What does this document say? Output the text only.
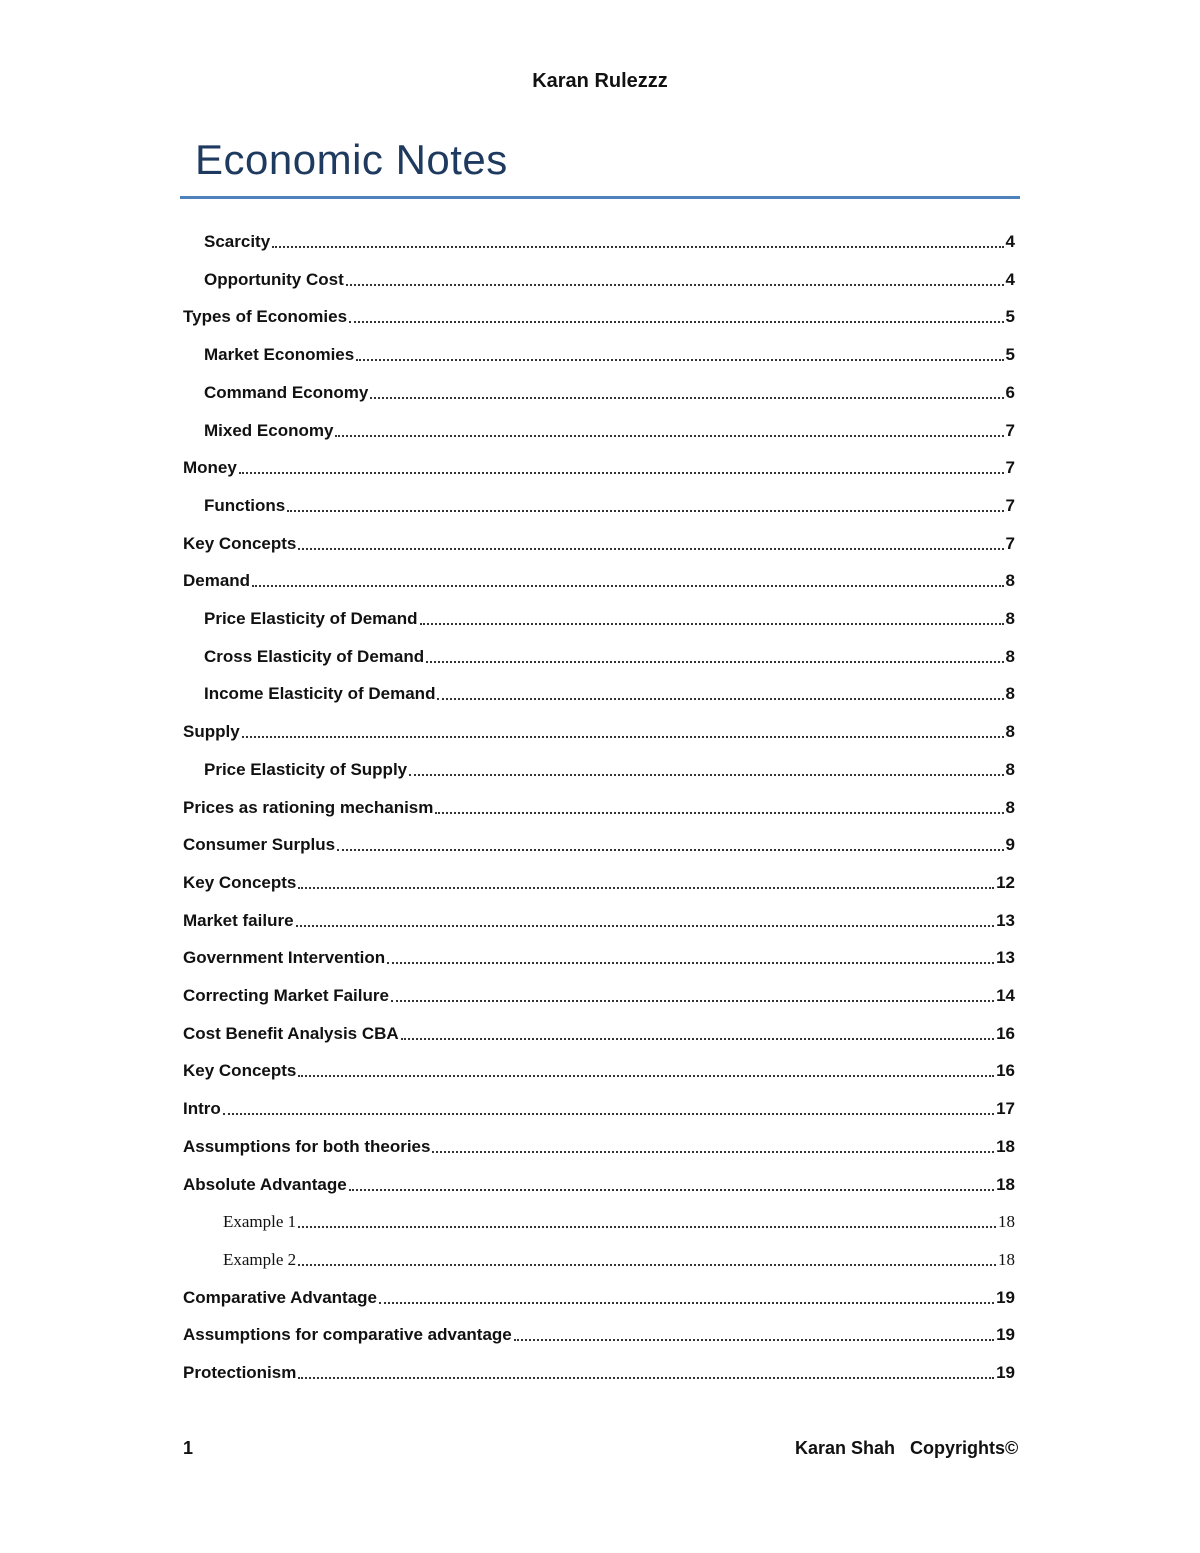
Karan Rulezzz
Economic Notes
Scarcity	4
Opportunity Cost	4
Types of Economies	5
Market Economies	5
Command Economy	6
Mixed Economy	7
Money	7
Functions	7
Key Concepts	7
Demand	8
Price Elasticity of Demand	8
Cross Elasticity of Demand	8
Income Elasticity of Demand	8
Supply	8
Price Elasticity of Supply	8
Prices as rationing mechanism	8
Consumer Surplus	9
Key Concepts	12
Market failure	13
Government Intervention	13
Correcting Market Failure	14
Cost Benefit Analysis CBA	16
Key Concepts	16
Intro	17
Assumptions for both theories	18
Absolute Advantage	18
Example 1	18
Example 2	18
Comparative Advantage	19
Assumptions for comparative advantage	19
Protectionism	19
1	Karan Shah Copyrights©
